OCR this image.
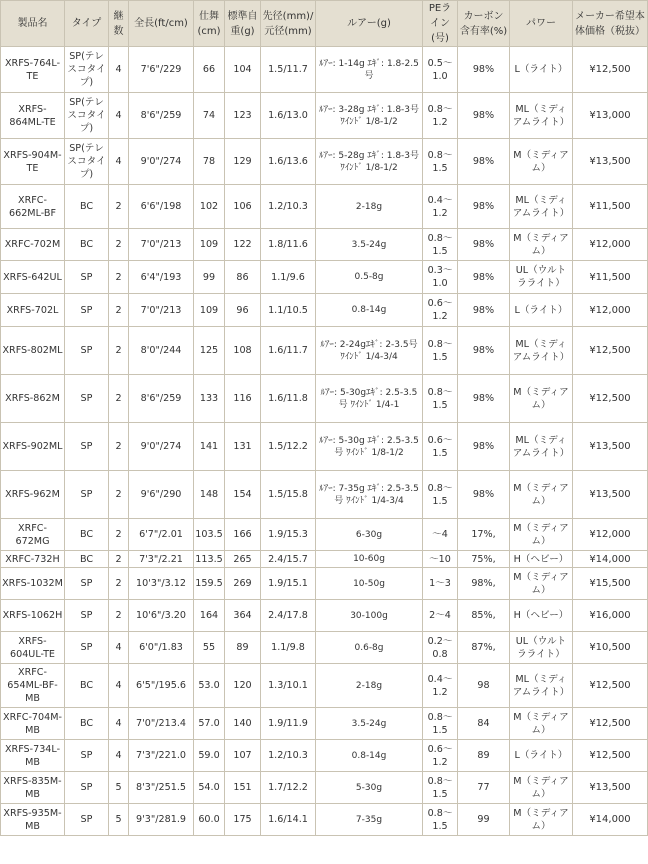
製品名	タイプ	継数	全長(ft/cm)	仕舞(cm)	標準自重(g)	先径(mm)/元径(mm)	ルアー(g)	PEライン(号)	カーボン含有率(%)	パワー	メーカー希望本体価格（税抜）
XRFS-764L-TE	SP(テレスコタイプ)	4	7'6"/229	66	104	1.5/11.7	ﾙｱｰ: 1-14g ｴｷﾞ: 1.8-2.5号	0.5～1.0	98%	L（ライト）	¥12,500
XRFS-864ML-TE	SP(テレスコタイプ)	4	8'6"/259	74	123	1.6/13.0	ﾙｱｰ: 3-28g ｴｷﾞ: 1.8-3号 ﾜｲﾝﾄﾞ 1/8-1/2	0.8～1.2	98%	ML（ミディアムライト）	¥13,000
XRFS-904M-TE	SP(テレスコタイプ)	4	9'0"/274	78	129	1.6/13.6	ﾙｱｰ: 5-28g ｴｷﾞ: 1.8-3号 ﾜｲﾝﾄﾞ 1/8-1/2	0.8～1.5	98%	M（ミディアム）	¥13,500
XRFC-662ML-BF	BC	2	6'6"/198	102	106	1.2/10.3	2-18g	0.4～1.2	98%	ML（ミディアムライト）	¥11,500
XRFC-702M	BC	2	7'0"/213	109	122	1.8/11.6	3.5-24g	0.8～1.5	98%	M（ミディアム）	¥12,000
XRFS-642UL	SP	2	6'4"/193	99	86	1.1/9.6	0.5-8g	0.3～1.0	98%	UL（ウルトラライト）	¥11,500
XRFS-702L	SP	2	7'0"/213	109	96	1.1/10.5	0.8-14g	0.6～1.2	98%	L（ライト）	¥12,000
XRFS-802ML	SP	2	8'0"/244	125	108	1.6/11.7	ﾙｱｰ: 2-24gｴｷﾞ: 2-3.5号 ﾜｲﾝﾄﾞ 1/4-3/4	0.8～1.5	98%	ML（ミディアムライト）	¥12,500
XRFS-862M	SP	2	8'6"/259	133	116	1.6/11.8	ﾙｱｰ: 5-30gｴｷﾞ: 2.5-3.5号 ﾜｲﾝﾄﾞ 1/4-1	0.8～1.5	98%	M（ミディアム）	¥12,500
XRFS-902ML	SP	2	9'0"/274	141	131	1.5/12.2	ﾙｱｰ: 5-30g ｴｷﾞ: 2.5-3.5号 ﾜｲﾝﾄﾞ 1/8-1/2	0.6～1.5	98%	ML（ミディアムライト）	¥13,500
XRFS-962M	SP	2	9'6"/290	148	154	1.5/15.8	ﾙｱｰ: 7-35g ｴｷﾞ: 2.5-3.5号 ﾜｲﾝﾄﾞ 1/4-3/4	0.8～1.5	98%	M（ミディアム）	¥13,500
XRFC-672MG	BC	2	6'7"/2.01	103.5	166	1.9/15.3	6-30g	～4	17%,	M（ミディアム）	¥12,000
XRFC-732H	BC	2	7'3"/2.21	113.5	265	2.4/15.7	10-60g	～10	75%,	H（ヘビー）	¥14,000
XRFS-1032M	SP	2	10'3"/3.12	159.5	269	1.9/15.1	10-50g	1～3	98%,	M（ミディアム）	¥15,500
XRFS-1062H	SP	2	10'6"/3.20	164	364	2.4/17.8	30-100g	2～4	85%,	H（ヘビー）	¥16,000
XRFS-604UL-TE	SP	4	6'0"/1.83	55	89	1.1/9.8	0.6-8g	0.2～0.8	87%,	UL（ウルトラライト）	¥10,500
XRFC-654ML-BF-MB	BC	4	6'5"/195.6	53.0	120	1.3/10.1	2-18g	0.4～1.2	98	ML（ミディアムライト）	¥12,500
XRFC-704M-MB	BC	4	7'0"/213.4	57.0	140	1.9/11.9	3.5-24g	0.8～1.5	84	M（ミディアム）	¥12,500
XRFS-734L-MB	SP	4	7'3"/221.0	59.0	107	1.2/10.3	0.8-14g	0.6～1.2	89	L（ライト）	¥12,500
XRFS-835M-MB	SP	5	8'3"/251.5	54.0	151	1.7/12.2	5-30g	0.8～1.5	77	M（ミディアム）	¥13,500
XRFS-935M-MB	SP	5	9'3"/281.9	60.0	175	1.6/14.1	7-35g	0.8～1.5	99	M（ミディアム）	¥14,000
